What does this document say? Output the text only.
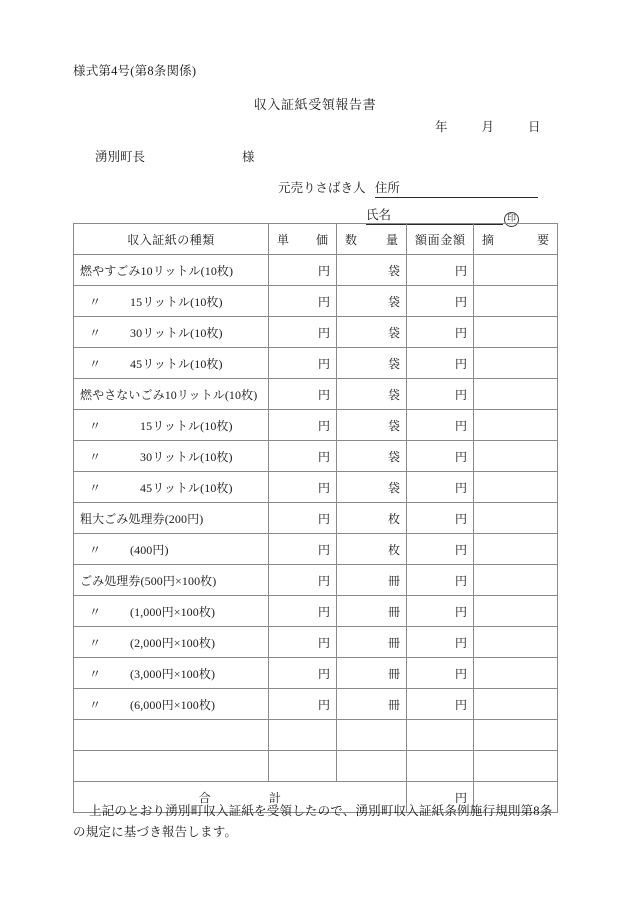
様式第4号(第8条関係)
収入証紙受領報告書
年	月	日
湧別町長	様
元売りさばき人 住所
氏名	印
収入証紙の種類	単価	数量	額面金額	摘要
燃やすごみ10リットル(10枚)	円	袋	円	
〃 15リットル(10枚)	円	袋	円	
〃 30リットル(10枚)	円	袋	円	
〃 45リットル(10枚)	円	袋	円	
燃やさないごみ10リットル(10枚)	円	袋	円	
〃 15リットル(10枚)	円	袋	円	
〃 30リットル(10枚)	円	袋	円	
〃 45リットル(10枚)	円	袋	円	
粗大ごみ処理券(200円)	円	枚	円	
〃 (400円)	円	枚	円	
ごみ処理券(500円×100枚)	円	冊	円	
〃 (1,000円×100枚)	円	冊	円	
〃 (2,000円×100枚)	円	冊	円	
〃 (3,000円×100枚)	円	冊	円	
〃 (6,000円×100枚)	円	冊	円	

合 計			円	
上記のとおり湧別町収入証紙を受領したので、湧別町収入証紙条例施行規則第8条の規定に基づき報告します。
